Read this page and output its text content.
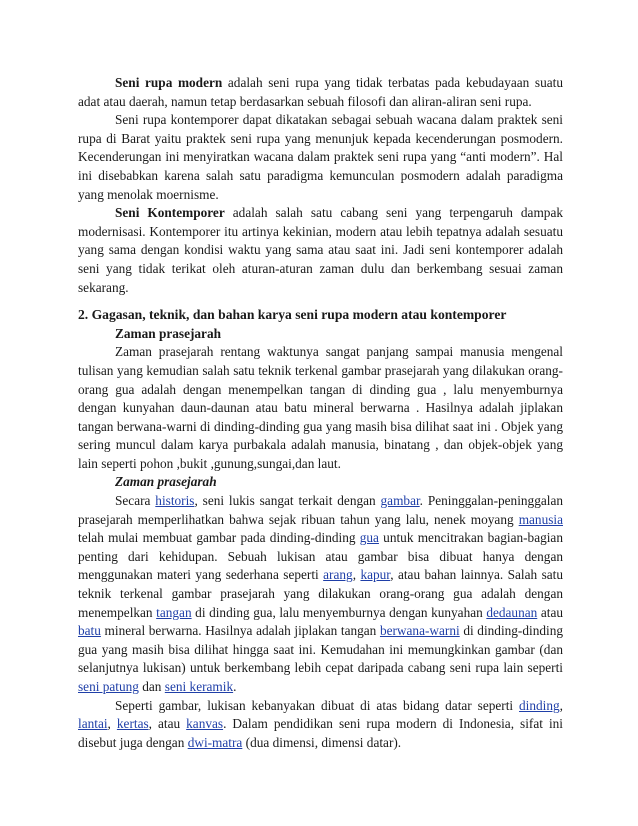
Seni rupa modern adalah seni rupa yang tidak terbatas pada kebudayaan suatu adat atau daerah, namun tetap berdasarkan sebuah filosofi dan aliran-aliran seni rupa.

Seni rupa kontemporer dapat dikatakan sebagai sebuah wacana dalam praktek seni rupa di Barat yaitu praktek seni rupa yang menunjuk kepada kecenderungan posmodern. Kecenderungan ini menyiratkan wacana dalam praktek seni rupa yang “anti modern”. Hal ini disebabkan karena salah satu paradigma kemunculan posmodern adalah paradigma yang menolak moernisme.

Seni Kontemporer adalah salah satu cabang seni yang terpengaruh dampak modernisasi. Kontemporer itu artinya kekinian, modern atau lebih tepatnya adalah sesuatu yang sama dengan kondisi waktu yang sama atau saat ini. Jadi seni kontemporer adalah seni yang tidak terikat oleh aturan-aturan zaman dulu dan berkembang sesuai zaman sekarang.

2. Gagasan, teknik, dan bahan karya seni rupa modern atau kontemporer

Zaman prasejarah

Zaman prasejarah rentang waktunya sangat panjang sampai manusia mengenal tulisan yang kemudian salah satu teknik terkenal gambar prasejarah yang dilakukan orang-orang gua adalah dengan menempelkan tangan di dinding gua , lalu menyemburnya dengan kunyahan daun-daunan atau batu mineral berwarna . Hasilnya adalah jiplakan tangan berwana-warni di dinding-dinding gua yang masih bisa dilihat saat ini . Objek yang sering muncul dalam karya purbakala adalah manusia, binatang , dan objek-objek yang lain seperti pohon ,bukit ,gunung,sungai,dan laut.

Zaman prasejarah

Secara historis, seni lukis sangat terkait dengan gambar. Peninggalan-peninggalan prasejarah memperlihatkan bahwa sejak ribuan tahun yang lalu, nenek moyang manusia telah mulai membuat gambar pada dinding-dinding gua untuk mencitrakan bagian-bagian penting dari kehidupan. Sebuah lukisan atau gambar bisa dibuat hanya dengan menggunakan materi yang sederhana seperti arang, kapur, atau bahan lainnya. Salah satu teknik terkenal gambar prasejarah yang dilakukan orang-orang gua adalah dengan menempelkan tangan di dinding gua, lalu menyemburnya dengan kunyahan dedaunan atau batu mineral berwarna. Hasilnya adalah jiplakan tangan berwana-warni di dinding-dinding gua yang masih bisa dilihat hingga saat ini. Kemudahan ini memungkinkan gambar (dan selanjutnya lukisan) untuk berkembang lebih cepat daripada cabang seni rupa lain seperti seni patung dan seni keramik.

Seperti gambar, lukisan kebanyakan dibuat di atas bidang datar seperti dinding, lantai, kertas, atau kanvas. Dalam pendidikan seni rupa modern di Indonesia, sifat ini disebut juga dengan dwi-matra (dua dimensi, dimensi datar).
